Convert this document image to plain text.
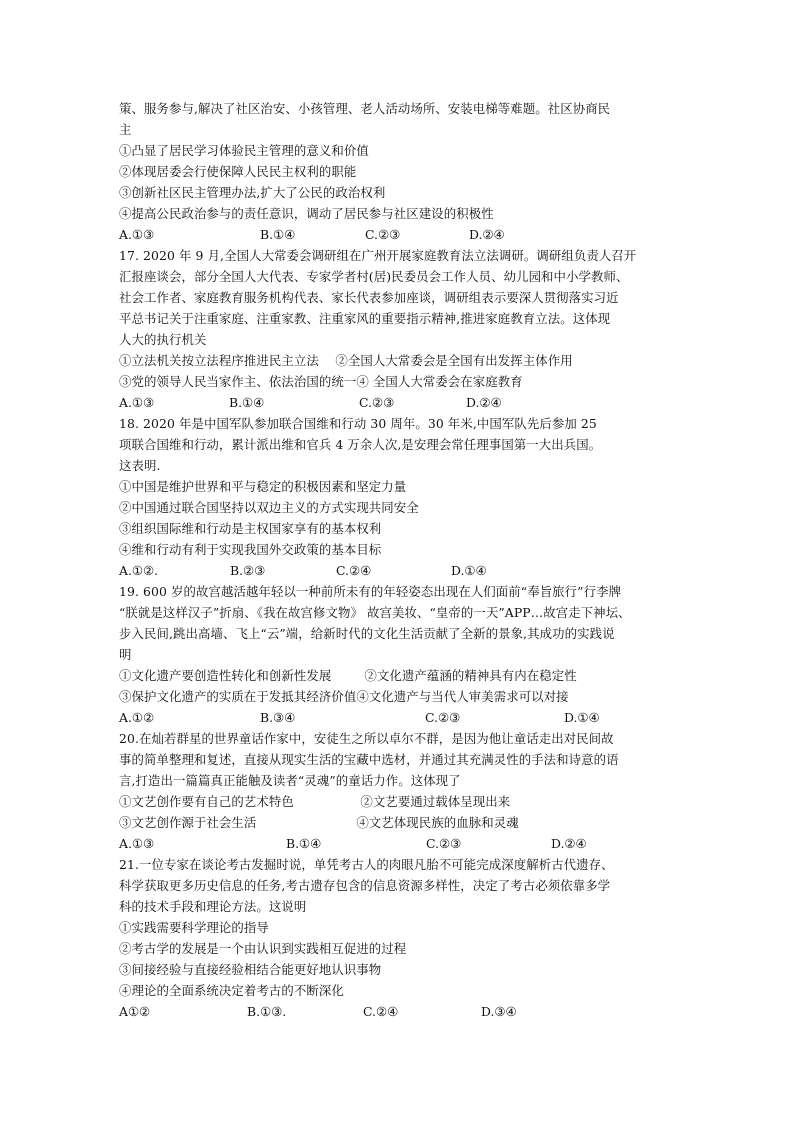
策、服务参与,解决了社区治安、小孩管理、老人活动场所、安装电梯等难题。社区协商民
主
①凸显了居民学习体验民主管理的意义和价值
②体现居委会行使保障人民民主权利的职能
③创新社区民主管理办法,扩大了公民的政治权利
④提高公民政治参与的责任意识，调动了居民参与社区建设的积极性
A.①③	B.①④	C.②③	D.②④
17. 2020 年 9 月,全国人大常委会调研组在广州开展家庭教育法立法调研。调研组负责人召开
汇报座谈会，部分全国人大代表、专家学者村(居)民委员会工作人员、幼儿园和中小学教师、
社会工作者、家庭教育服务机构代表、家长代表参加座谈，调研组表示要深人贯彻落实习近
平总书记关于注重家庭、注重家教、注重家风的重要指示精神,推进家庭教育立法。这体现
人大的执行机关
①立法机关按立法程序推进民主立法　 ②全国人大常委会是全国有出发挥主体作用
③党的领导人民当家作主、依法治国的统一④ 全国人大常委会在家庭教育
A.①③	B.①④	C.②③	D.②④
18. 2020 年是中国军队参加联合国维和行动 30 周年。30 年米,中国军队先后参加 25
项联合国维和行动，累计派出维和官兵 4 万余人次,是安理会常任理事国第一大出兵国。
这表明.
①中国是维护世界和平与稳定的积极因素和坚定力量
②中国通过联合国坚持以双边主义的方式实现共同安全
③组织国际维和行动是主权国家享有的基本权利
④维和行动有利于实现我国外交政策的基本目标
A.①②.	B.②③	C.②④	D.①④
19. 600 岁的故宫越活越年轻以一种前所未有的年轻姿态出现在人们面前“奉旨旅行”行李牌
“朕就是这样汉子”折扇、《我在故宫修文物》 故宫美妆、“皇帝的一天”APP…故宫走下神坛、
步入民间,跳出高墙、飞上“云”端，给新时代的文化生活贡献了全新的景象,其成功的实践说
明
①文化遗产要创造性转化和创新性发展　 　 ②文化遗产蕴涵的精神具有内在稳定性
③保护文化遗产的实质在于发抵其经济价值④文化遗产与当代人审美需求可以对接
A.①②	B.③④	C.②③	D.①④
20.在灿若群星的世界童话作家中，安徒生之所以卓尔不群，是因为他让童话走出对民间故
事的简单整理和复述，直接从现实生活的宝藏中选材，并通过其充满灵性的手法和诗意的语
言,打造出一篇篇真正能触及读者“灵魂”的童话力作。这体现了
①文艺创作要有自己的艺术特色　　　　　 ②文艺要通过载体呈现出来
③文艺创作源于社会生活　　　　　　　　④文艺体现民族的血脉和灵魂
A.①③	B.①④	C.②③	D.②④
21.一位专家在谈论考古发掘时说，单凭考古人的肉眼凡胎不可能完成深度解析古代遗存、
科学获取更多历史信息的任务,考古遗存包含的信息资源多样性，决定了考古必须依靠多学
科的技术手段和理论方法。这说明
①实践需要科学理论的指导
②考古学的发展是一个由认识到实践相互促进的过程
③间接经验与直接经验相结合能更好地认识事物
④理论的全面系统决定着考古的不断深化
A①②	B.①③.	C.②④	D.③④
